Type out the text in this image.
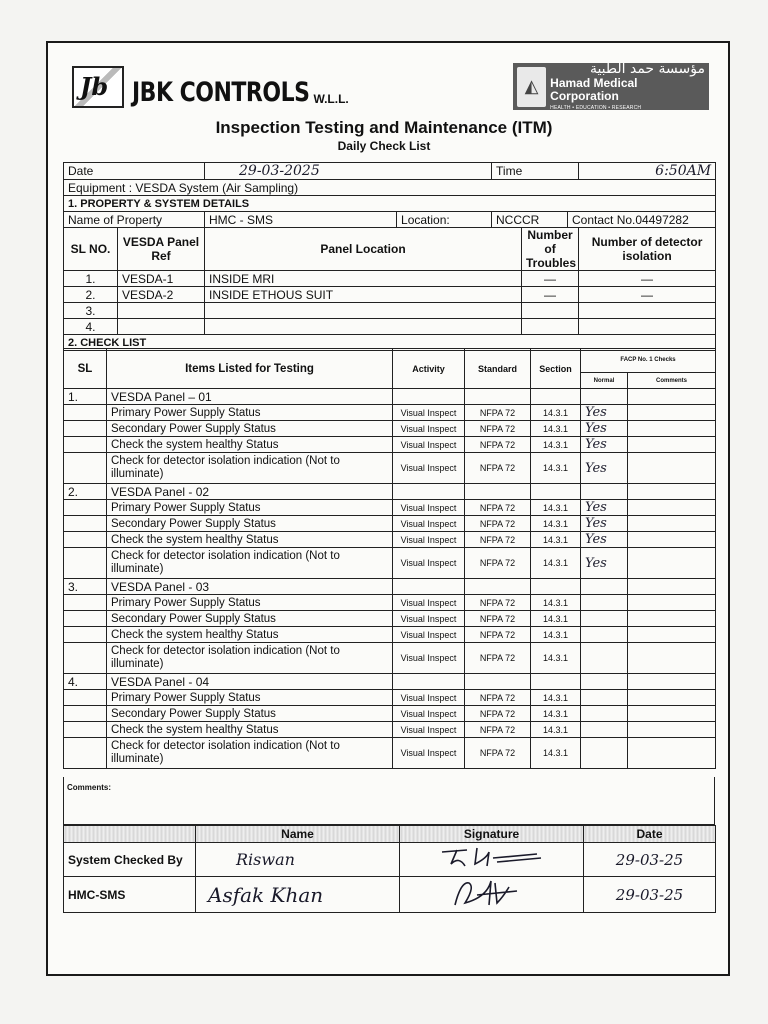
Jb JBK CONTROLS W.L.L.
◭
مؤسسة حمد الطبية
Hamad Medical Corporation
HEALTH • EDUCATION • RESEARCH
Inspection Testing and Maintenance (ITM)
Daily Check List
Date		29-03-2025		Time			6:50AM
Equipment : VESDA System (Air Sampling)							
1. PROPERTY & SYSTEM DETAILS							
Name of Property		HMC - SMS	Location:	NCCCR		Contact No.04497282	
SL NO.	VESDA Panel Ref	Panel Location			Number of Troubles		Number of detector isolation
1.	VESDA-1	INSIDE MRI			—		—
2.	VESDA-2	INSIDE ETHOUS SUIT			—		—
3.							
4.							
2. CHECK LIST							
SL	Items Listed for Testing	Activity	Standard	Section	FACP No. 1 Checks	
					Normal	Comments
1.	VESDA Panel – 01					
	Primary Power Supply Status	Visual Inspect	NFPA 72	14.3.1	Yes	
	Secondary Power Supply Status	Visual Inspect	NFPA 72	14.3.1	Yes	
	Check the system healthy Status	Visual Inspect	NFPA 72	14.3.1	Yes	
	Check for detector isolation indication (Not to illuminate)	Visual Inspect	NFPA 72	14.3.1	Yes	
2.	VESDA Panel - 02					
	Primary Power Supply Status	Visual Inspect	NFPA 72	14.3.1	Yes	
	Secondary Power Supply Status	Visual Inspect	NFPA 72	14.3.1	Yes	
	Check the system healthy Status	Visual Inspect	NFPA 72	14.3.1	Yes	
	Check for detector isolation indication (Not to illuminate)	Visual Inspect	NFPA 72	14.3.1	Yes	
3.	VESDA Panel - 03					
	Primary Power Supply Status	Visual Inspect	NFPA 72	14.3.1		
	Secondary Power Supply Status	Visual Inspect	NFPA 72	14.3.1		
	Check the system healthy Status	Visual Inspect	NFPA 72	14.3.1		
	Check for detector isolation indication (Not to illuminate)	Visual Inspect	NFPA 72	14.3.1		
4.	VESDA Panel - 04					
	Primary Power Supply Status	Visual Inspect	NFPA 72	14.3.1		
	Secondary Power Supply Status	Visual Inspect	NFPA 72	14.3.1		
	Check the system healthy Status	Visual Inspect	NFPA 72	14.3.1		
	Check for detector isolation indication (Not to illuminate)	Visual Inspect	NFPA 72	14.3.1		
Comments:
	Name	Signature	Date
System Checked By	Riswan		29-03-25
HMC-SMS	Asfak Khan		29-03-25
